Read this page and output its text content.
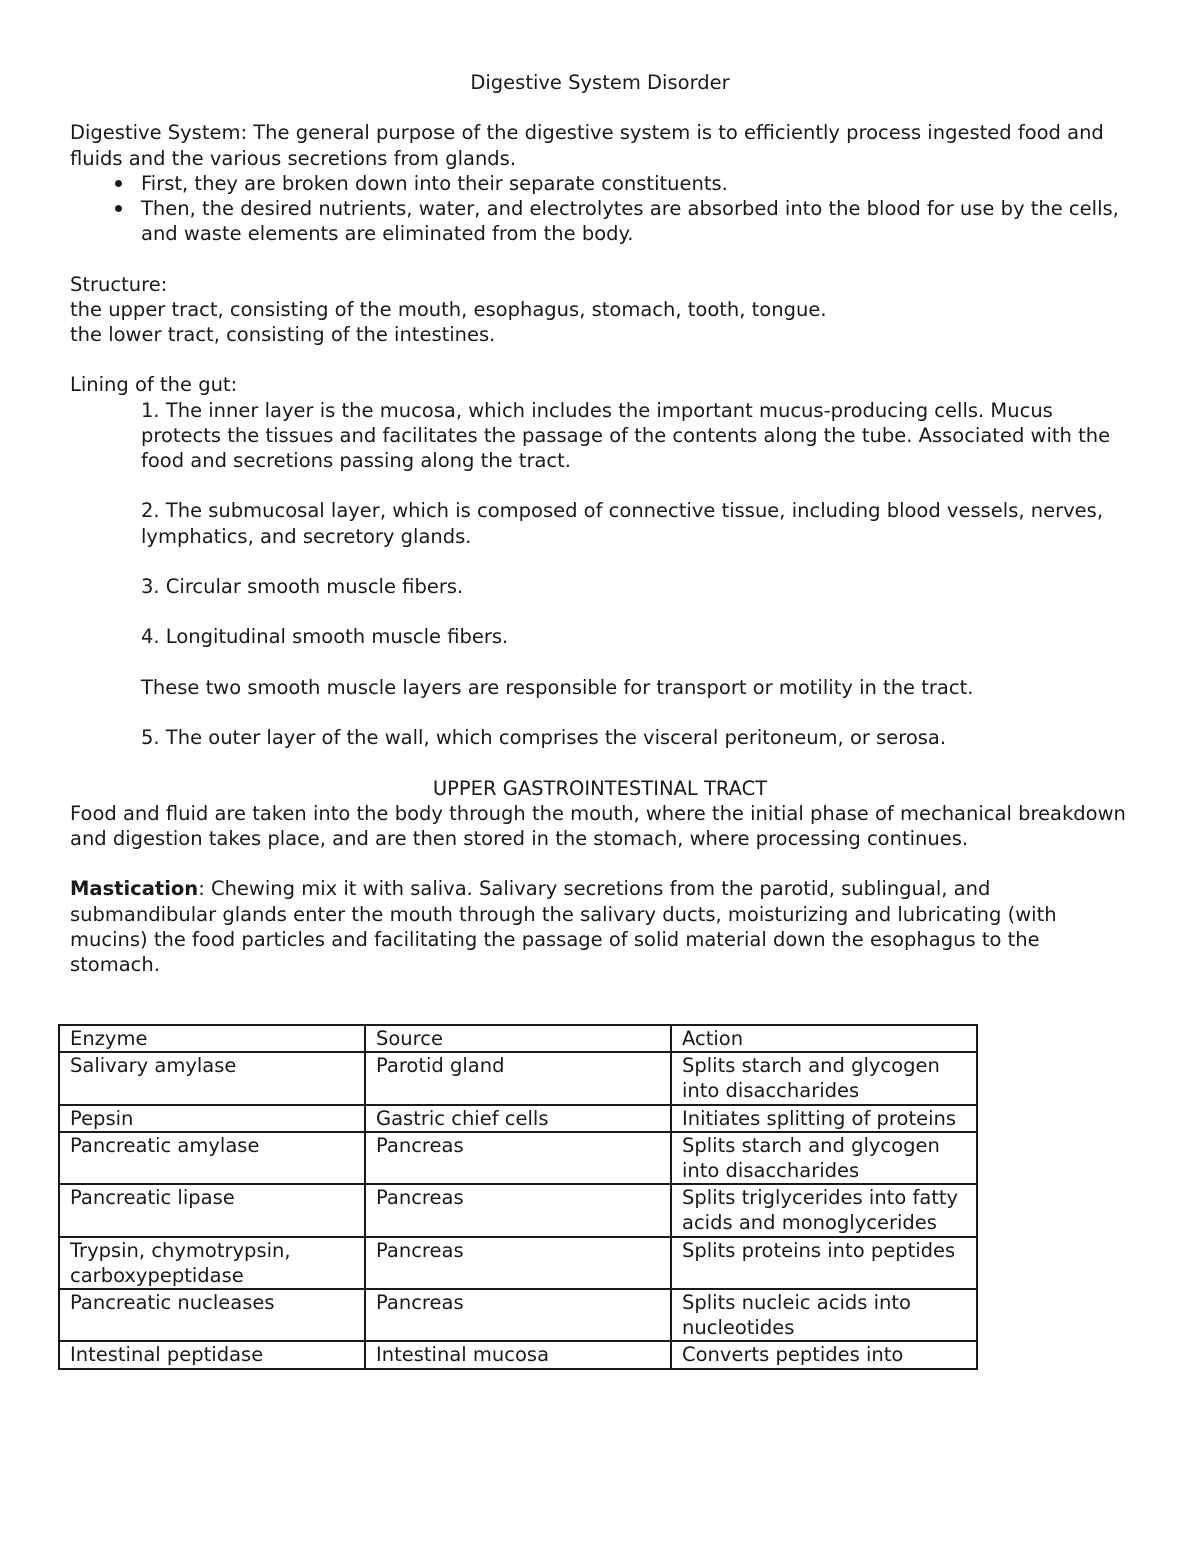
Digestive System Disorder

Digestive System: The general purpose of the digestive system is to efficiently process ingested food and fluids and the various secretions from glands.

First, they are broken down into their separate constituents.
Then, the desired nutrients, water, and electrolytes are absorbed into the blood for use by the cells, and waste elements are eliminated from the body.

Structure:

the upper tract, consisting of the mouth, esophagus, stomach, tooth, tongue.

the lower tract, consisting of the intestines.

Lining of the gut:

1. The inner layer is the mucosa, which includes the important mucus-producing cells. Mucus protects the tissues and facilitates the passage of the contents along the tube. Associated with the food and secretions passing along the tract.

2. The submucosal layer, which is composed of connective tissue, including blood vessels, nerves, lymphatics, and secretory glands.

3. Circular smooth muscle fibers.

4. Longitudinal smooth muscle fibers.

These two smooth muscle layers are responsible for transport or motility in the tract.

5. The outer layer of the wall, which comprises the visceral peritoneum, or serosa.

UPPER GASTROINTESTINAL TRACT

Food and fluid are taken into the body through the mouth, where the initial phase of mechanical breakdown and digestion takes place, and are then stored in the stomach, where processing continues.

Mastication: Chewing mix it with saliva. Salivary secretions from the parotid, sublingual, and submandibular glands enter the mouth through the salivary ducts, moisturizing and lubricating (with mucins) the food particles and facilitating the passage of solid material down the esophagus to the stomach.

Enzyme	Source	Action
Salivary amylase	Parotid gland	Splits starch and glycogen into disaccharides
Pepsin	Gastric chief cells	Initiates splitting of proteins
Pancreatic amylase	Pancreas	Splits starch and glycogen into disaccharides
Pancreatic lipase	Pancreas	Splits triglycerides into fatty acids and monoglycerides
Trypsin, chymotrypsin, carboxypeptidase	Pancreas	Splits proteins into peptides
Pancreatic nucleases	Pancreas	Splits nucleic acids into nucleotides
Intestinal peptidase	Intestinal mucosa	Converts peptides into
